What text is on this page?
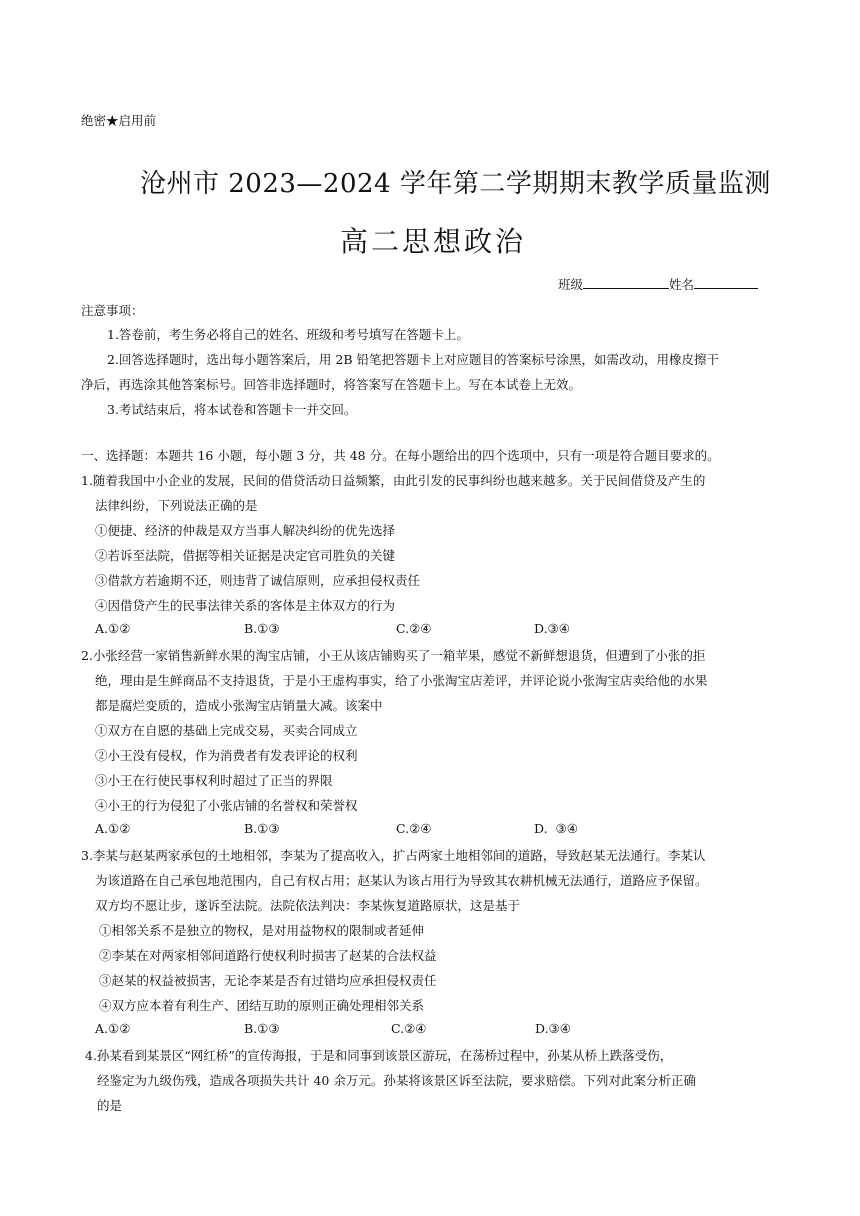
绝密★启用前
沧州市 2023—2024 学年第二学期期末教学质量监测
高二思想政治
班级	姓名
注意事项：
1.答卷前，考生务必将自己的姓名、班级和考号填写在答题卡上。
2.回答选择题时，选出每小题答案后，用 2B 铅笔把答题卡上对应题目的答案标号涂黑，如需改动，用橡皮擦干
净后，再选涂其他答案标号。回答非选择题时，将答案写在答题卡上。写在本试卷上无效。
3.考试结束后，将本试卷和答题卡一并交回。
一、选择题：本题共 16 小题，每小题 3 分，共 48 分。在每小题给出的四个选项中，只有一项是符合题目要求的。
1.随着我国中小企业的发展，民间的借贷活动日益频繁，由此引发的民事纠纷也越来越多。关于民间借贷及产生的
法律纠纷，下列说法正确的是
①便捷、经济的仲裁是双方当事人解决纠纷的优先选择
②若诉至法院，借据等相关证据是决定官司胜负的关键
③借款方若逾期不还，则违背了诚信原则，应承担侵权责任
④因借贷产生的民事法律关系的客体是主体双方的行为
A.①②	B.①③	C.②④	D.③④
2.小张经营一家销售新鲜水果的淘宝店铺，小王从该店铺购买了一箱苹果，感觉不新鲜想退货，但遭到了小张的拒
绝，理由是生鲜商品不支持退货，于是小王虚构事实，给了小张淘宝店差评，并评论说小张淘宝店卖给他的水果
都是腐烂变质的，造成小张淘宝店销量大减。该案中
①双方在自愿的基础上完成交易，买卖合同成立
②小王没有侵权，作为消费者有发表评论的权利
③小王在行使民事权利时超过了正当的界限
④小王的行为侵犯了小张店铺的名誉权和荣誉权
A.①②	B.①③	C.②④	D.  ③④
3.李某与赵某两家承包的土地相邻，李某为了提高收入，扩占两家土地相邻间的道路，导致赵某无法通行。李某认
为该道路在自己承包地范围内，自己有权占用；赵某认为该占用行为导致其农耕机械无法通行，道路应予保留。
双方均不愿让步，遂诉至法院。法院依法判决：李某恢复道路原状，这是基于
①相邻关系不是独立的物权，是对用益物权的限制或者延伸
②李某在对两家相邻间道路行使权利时损害了赵某的合法权益
③赵某的权益被损害，无论李某是否有过错均应承担侵权责任
④双方应本着有利生产、团结互助的原则正确处理相邻关系
A.①②	B.①③	C.②④	D.③④
4.孙某看到某景区“网红桥”的宣传海报，于是和同事到该景区游玩，在荡桥过程中，孙某从桥上跌落受伤，
经鉴定为九级伤残，造成各项损失共计 40 余万元。孙某将该景区诉至法院，要求赔偿。下列对此案分析正确
的是
